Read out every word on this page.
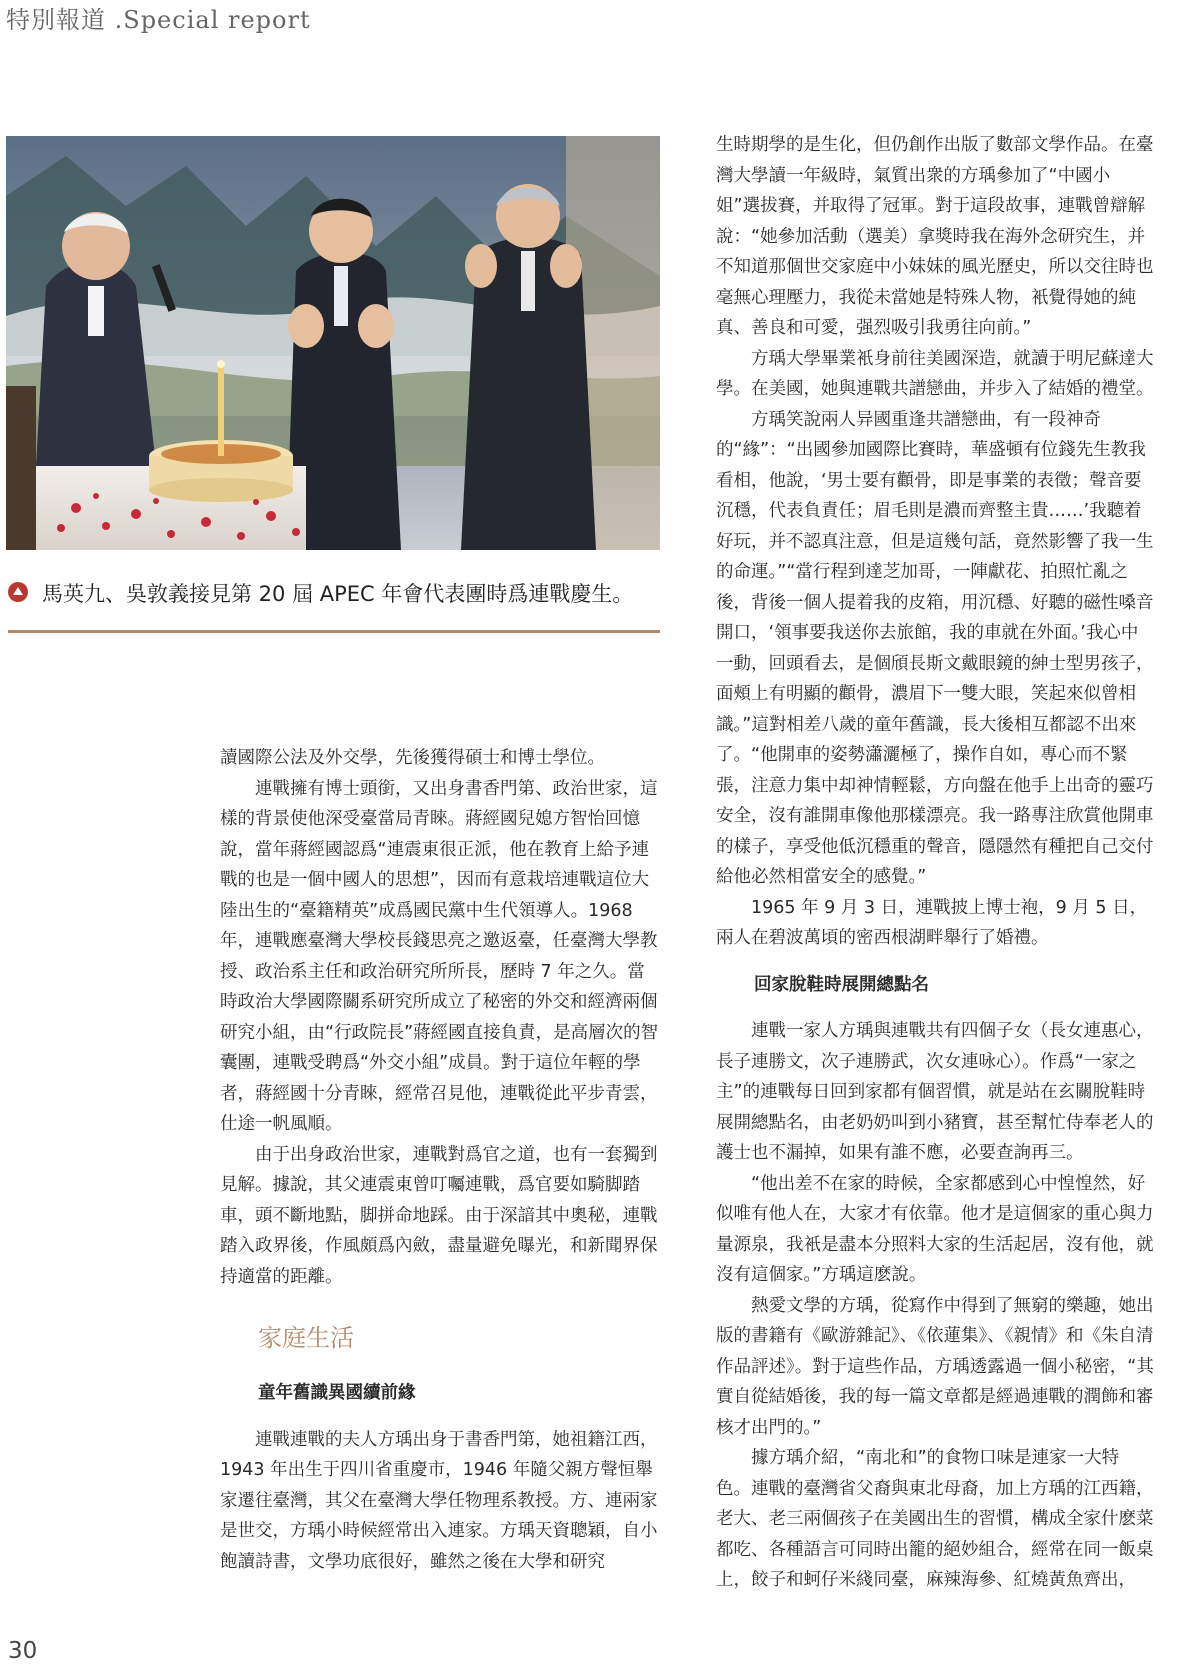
特別報道 .Special report
馬英九、吳敦義接見第 20 屆 APEC 年會代表團時爲連戰慶生。

讀國際公法及外交學，先後獲得碩士和博士學位。

連戰擁有博士頭銜，又出身書香門第、政治世家，這樣的背景使他深受臺當局青睞。蔣經國兒媳方智怡回憶說，當年蔣經國認爲“連震東很正派，他在教育上給予連戰的也是一個中國人的思想”，因而有意栽培連戰這位大陸出生的“臺籍精英”成爲國民黨中生代領導人。1968 年，連戰應臺灣大學校長錢思亮之邀返臺，任臺灣大學教授、政治系主任和政治研究所所長，歷時 7 年之久。當時政治大學國際關系研究所成立了秘密的外交和經濟兩個研究小組，由“行政院長”蔣經國直接負責，是高層次的智囊團，連戰受聘爲“外交小組”成員。對于這位年輕的學者，蔣經國十分青睞，經常召見他，連戰從此平步青雲，仕途一帆風順。

由于出身政治世家，連戰對爲官之道，也有一套獨到見解。據說，其父連震東曾叮囑連戰，爲官要如騎脚踏車，頭不斷地點，脚拼命地踩。由于深諳其中奧秘，連戰踏入政界後，作風頗爲內斂，盡量避免曝光，和新聞界保持適當的距離。

家庭生活

童年舊識異國續前緣

連戰連戰的夫人方瑀出身于書香門第，她祖籍江西，1943 年出生于四川省重慶市，1946 年隨父親方聲恒舉家遷往臺灣，其父在臺灣大學任物理系教授。方、連兩家是世交，方瑀小時候經常出入連家。方瑀天資聰穎，自小飽讀詩書，文學功底很好，雖然之後在大學和研究

生時期學的是生化，但仍創作出版了數部文學作品。在臺灣大學讀一年級時，氣質出衆的方瑀參加了“中國小姐”選拔賽，并取得了冠軍。對于這段故事，連戰曾辯解說：“她參加活動（選美）拿獎時我在海外念研究生，并不知道那個世交家庭中小妹妹的風光歷史，所以交往時也毫無心理壓力，我從未當她是特殊人物，衹覺得她的純真、善良和可愛，强烈吸引我勇往向前。”

方瑀大學畢業衹身前往美國深造，就讀于明尼蘇達大學。在美國，她與連戰共譜戀曲，并步入了結婚的禮堂。

方瑀笑說兩人异國重逢共譜戀曲，有一段神奇的“緣”：“出國參加國際比賽時，華盛頓有位錢先生教我看相，他說，‘男士要有顴骨，即是事業的表徵；聲音要沉穩，代表負責任；眉毛則是濃而齊整主貴……’我聽着好玩，并不認真注意，但是這幾句話，竟然影響了我一生的命運。”“當行程到達芝加哥，一陣獻花、拍照忙亂之後，背後一個人提着我的皮箱，用沉穩、好聽的磁性嗓音開口，‘領事要我送你去旅館，我的車就在外面。’我心中一動，回頭看去，是個頎長斯文戴眼鏡的紳士型男孩子，面頰上有明顯的顴骨，濃眉下一雙大眼，笑起來似曾相識。”這對相差八歲的童年舊識，長大後相互都認不出來了。“他開車的姿勢瀟灑極了，操作自如，專心而不緊張，注意力集中却神情輕鬆，方向盤在他手上出奇的靈巧安全，沒有誰開車像他那樣漂亮。我一路專注欣賞他開車的樣子，享受他低沉穩重的聲音，隱隱然有種把自己交付給他必然相當安全的感覺。”

1965 年 9 月 3 日，連戰披上博士袍，9 月 5 日，兩人在碧波萬頃的密西根湖畔舉行了婚禮。

回家脫鞋時展開總點名

連戰一家人方瑀與連戰共有四個子女（長女連惠心，長子連勝文，次子連勝武，次女連咏心）。作爲“一家之主”的連戰每日回到家都有個習慣，就是站在玄關脫鞋時展開總點名，由老奶奶叫到小豬寶，甚至幫忙侍奉老人的護士也不漏掉，如果有誰不應，必要查詢再三。

“他出差不在家的時候，全家都感到心中惶惶然，好似唯有他人在，大家才有依靠。他才是這個家的重心與力量源泉，我衹是盡本分照料大家的生活起居，沒有他，就沒有這個家。”方瑀這麽說。

熱愛文學的方瑀，從寫作中得到了無窮的樂趣，她出版的書籍有《歐游雜記》、《依蓮集》、《親情》和《朱自清作品評述》。對于這些作品，方瑀透露過一個小秘密，“其實自從結婚後，我的每一篇文章都是經過連戰的潤飾和審核才出門的。”

據方瑀介紹，“南北和”的食物口味是連家一大特色。連戰的臺灣省父裔與東北母裔，加上方瑀的江西籍，老大、老三兩個孩子在美國出生的習慣，構成全家什麽菜都吃、各種語言可同時出籠的絕妙組合，經常在同一飯桌上，餃子和蚵仔米綫同臺，麻辣海參、紅燒黃魚齊出，

30
